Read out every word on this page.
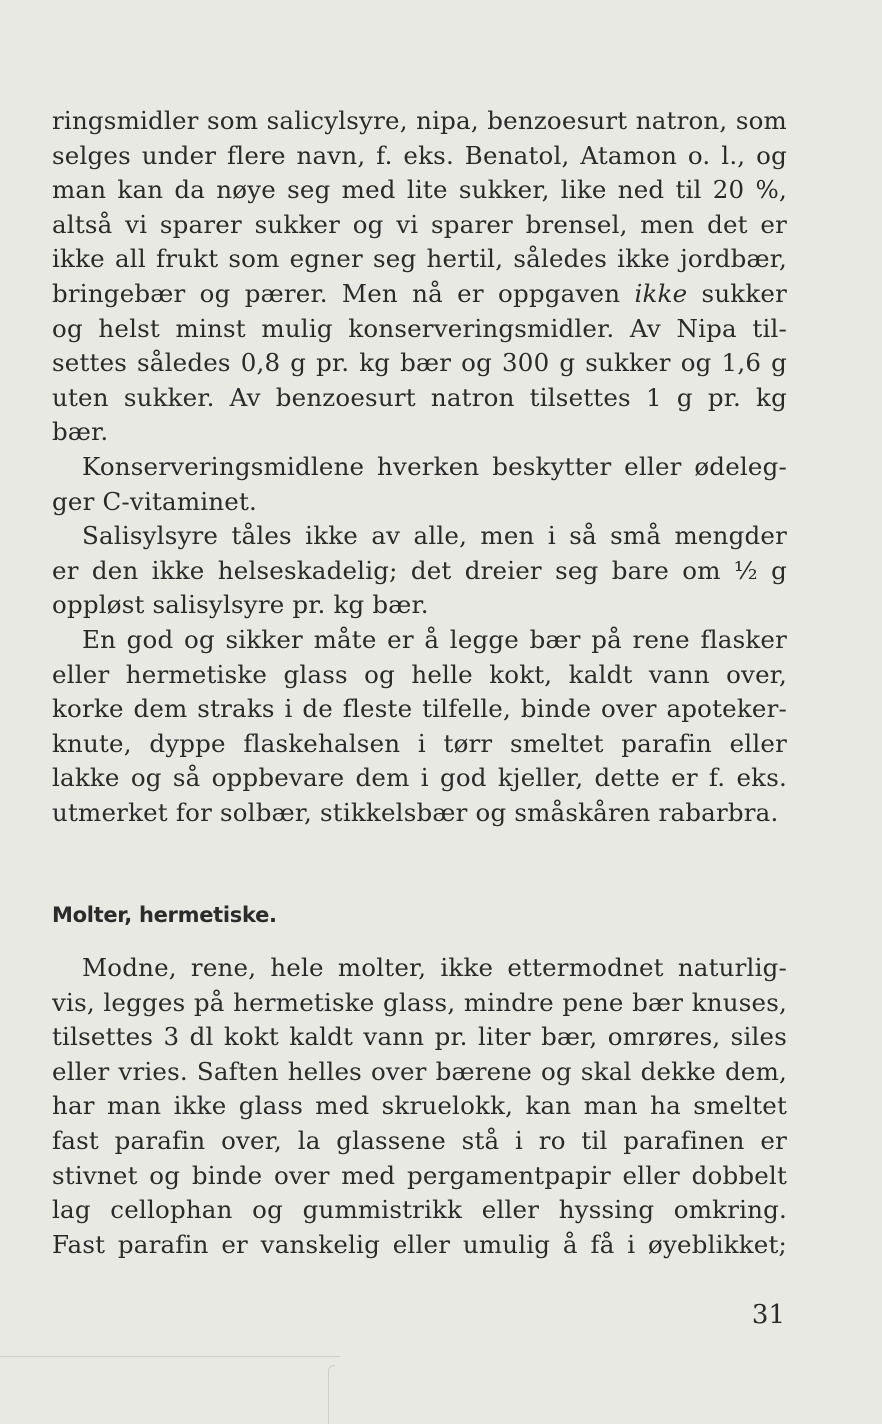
ringsmidler som salicylsyre, nipa, benzoesurt natron, som
selges under flere navn, f. eks. Benatol, Atamon o. l., og
man kan da nøye seg med lite sukker, like ned til 20 %,
altså vi sparer sukker og vi sparer brensel, men det er
ikke all frukt som egner seg hertil, således ikke jordbær,
bringebær og pærer. Men nå er oppgaven ikke sukker
og helst minst mulig konserveringsmidler. Av Nipa til-
settes således 0,8 g pr. kg bær og 300 g sukker og 1,6 g
uten sukker. Av benzoesurt natron tilsettes 1 g pr. kg
bær.
Konserveringsmidlene hverken beskytter eller ødeleg-
ger C-vitaminet.
Salisylsyre tåles ikke av alle, men i så små mengder
er den ikke helseskadelig; det dreier seg bare om ½ g
oppløst salisylsyre pr. kg bær.
En god og sikker måte er å legge bær på rene flasker
eller hermetiske glass og helle kokt, kaldt vann over,
korke dem straks i de fleste tilfelle, binde over apoteker-
knute, dyppe flaskehalsen i tørr smeltet parafin eller
lakke og så oppbevare dem i god kjeller, dette er f. eks.
utmerket for solbær, stikkelsbær og småskåren rabarbra.
Molter, hermetiske.
Modne, rene, hele molter, ikke ettermodnet naturlig-
vis, legges på hermetiske glass, mindre pene bær knuses,
tilsettes 3 dl kokt kaldt vann pr. liter bær, omrøres, siles
eller vries. Saften helles over bærene og skal dekke dem,
har man ikke glass med skruelokk, kan man ha smeltet
fast parafin over, la glassene stå i ro til parafinen er
stivnet og binde over med pergamentpapir eller dobbelt
lag cellophan og gummistrikk eller hyssing omkring.
Fast parafin er vanskelig eller umulig å få i øyeblikket;
31
